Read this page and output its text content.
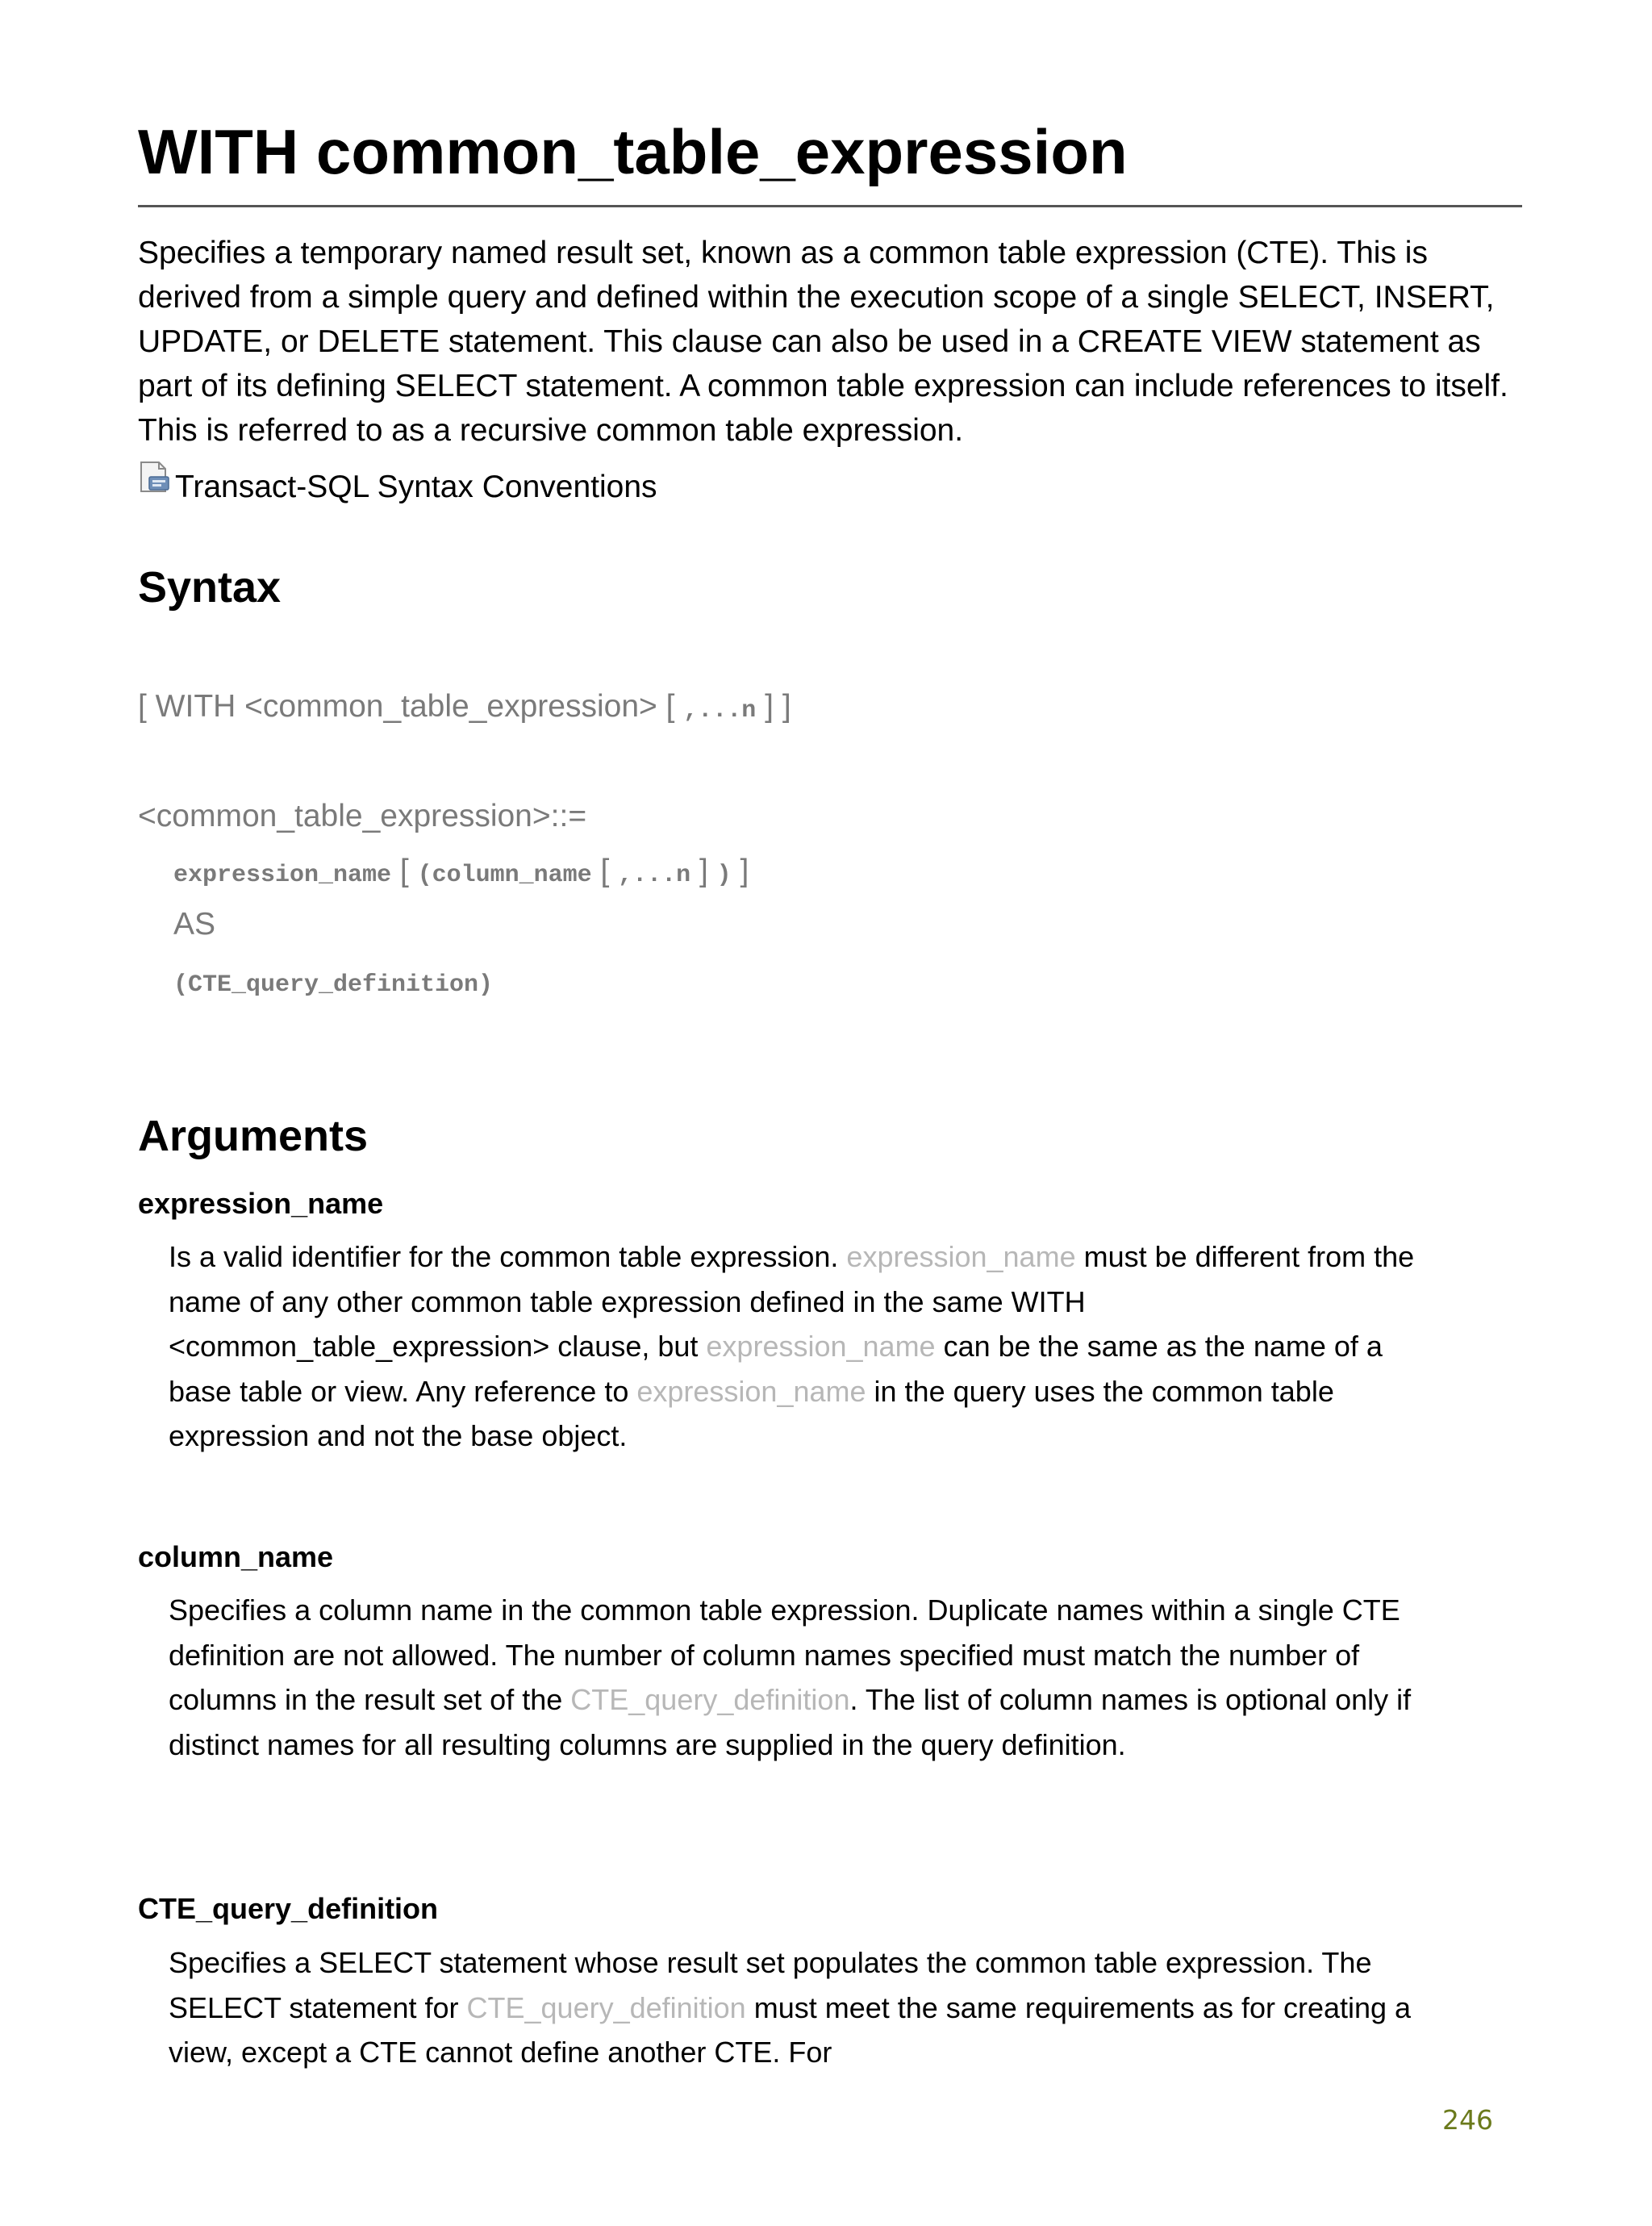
WITH common_table_expression

Specifies a temporary named result set, known as a common table expression (CTE). This is derived from a simple query and defined within the execution scope of a single SELECT, INSERT, UPDATE, or DELETE statement. This clause can also be used in a CREATE VIEW statement as part of its defining SELECT statement. A common table expression can include references to itself. This is referred to as a recursive common table expression.

Transact-SQL Syntax Conventions
Syntax
[ WITH <common_table_expression> [ ,...n ] ]
<common_table_expression>::=
expression_name [ (column_name [ ,...n ] ) ]
AS
(CTE_query_definition)
Arguments
expression_name

Is a valid identifier for the common table expression. expression_name must be different from the name of any other common table expression defined in the same WITH <common_table_expression> clause, but expression_name can be the same as the name of a base table or view. Any reference to expression_name in the query uses the common table expression and not the base object.

column_name

Specifies a column name in the common table expression. Duplicate names within a single CTE definition are not allowed. The number of column names specified must match the number of columns in the result set of the CTE_query_definition. The list of column names is optional only if distinct names for all resulting columns are supplied in the query definition.

CTE_query_definition

Specifies a SELECT statement whose result set populates the common table expression. The SELECT statement for CTE_query_definition must meet the same requirements as for creating a view, except a CTE cannot define another CTE. For

246
